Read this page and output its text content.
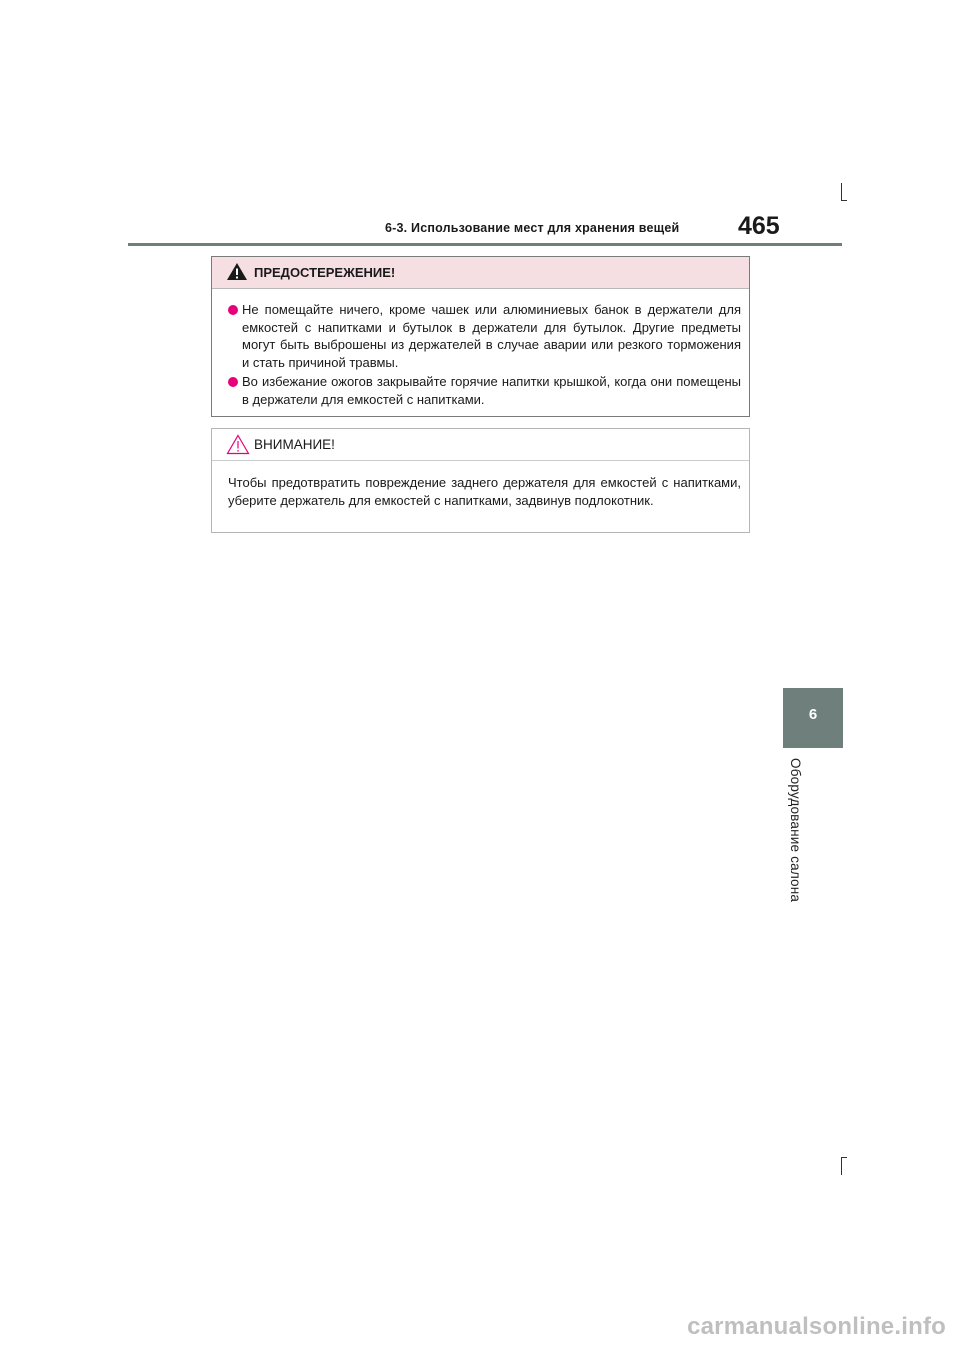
6-3. Использование мест для хранения вещей 465
ПРЕДОСТЕРЕЖЕНИЕ!
Не помещайте ничего, кроме чашек или алюминиевых банок в держатели для емкостей с напитками и бутылок в держатели для бутылок. Другие предметы могут быть выброшены из держателей в случае аварии или резкого торможения и стать причиной травмы.
Во избежание ожогов закрывайте горячие напитки крышкой, когда они помещены в держатели для емкостей с напитками.
ВНИМАНИЕ!
Чтобы предотвратить повреждение заднего держателя для емкостей с напитками, уберите держатель для емкостей с напитками, задвинув подлокотник.
6
Оборудование салона
carmanualsonline.info
